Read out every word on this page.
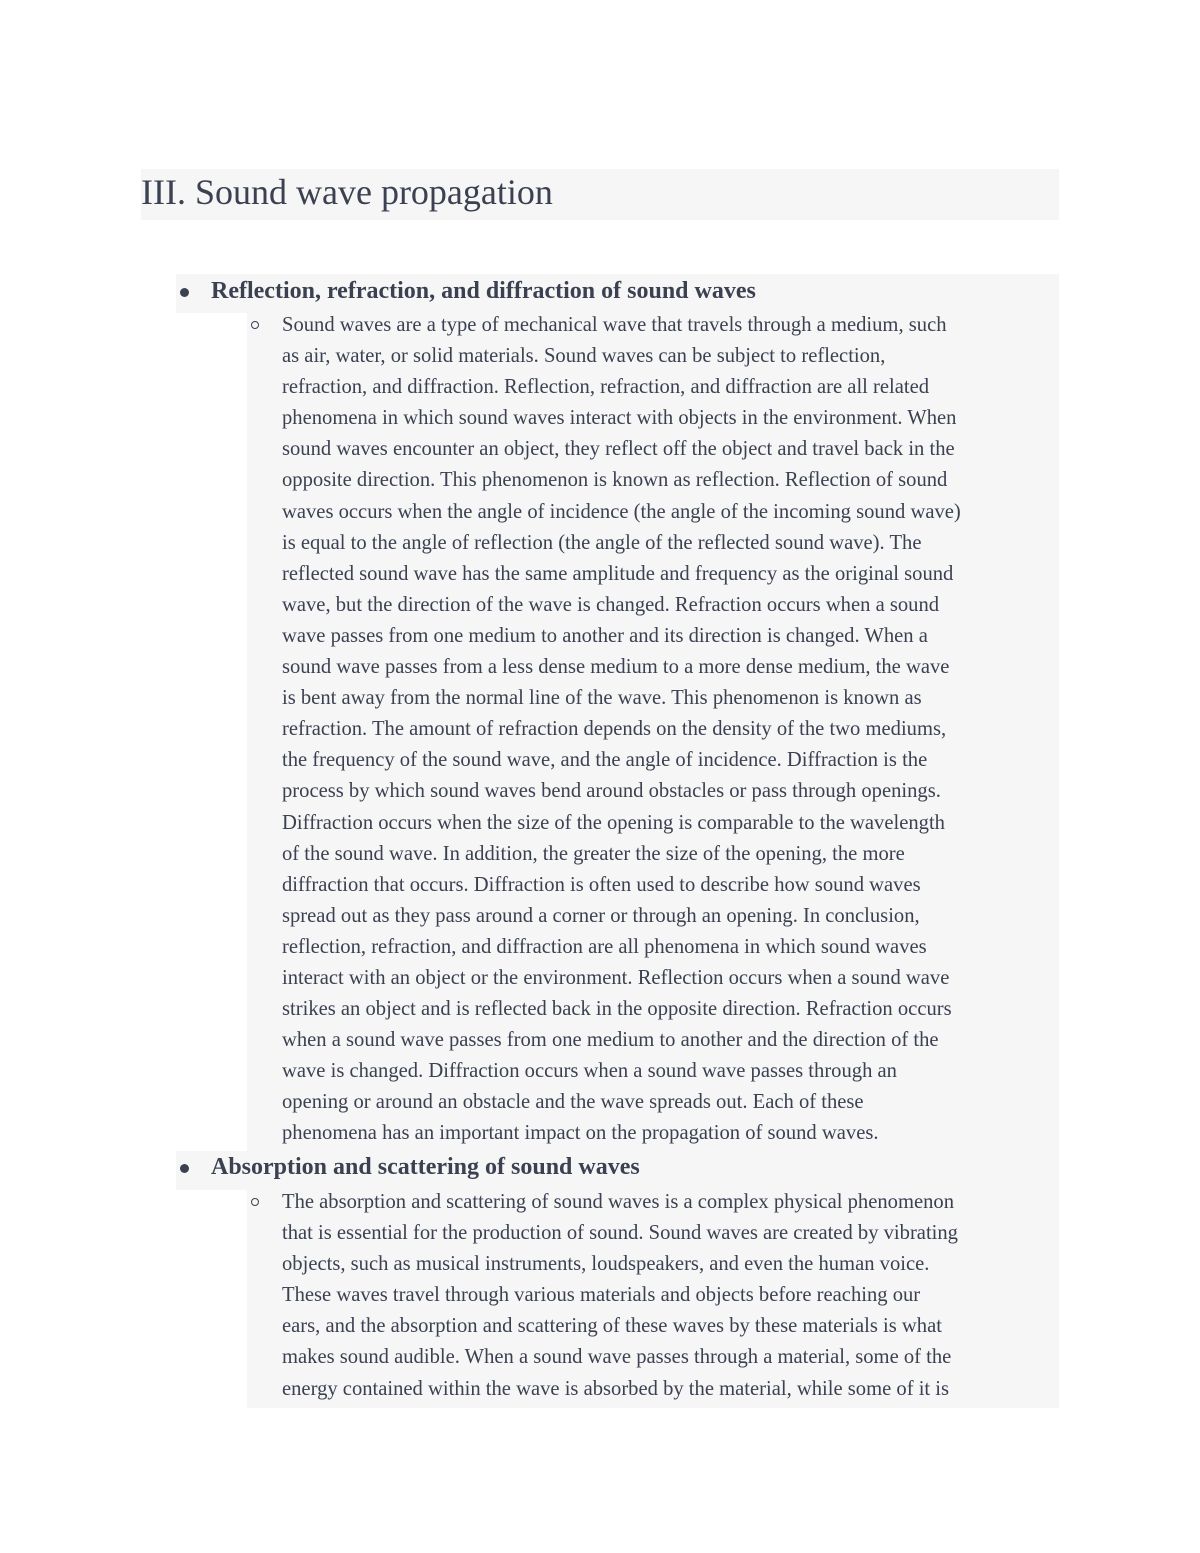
III. Sound wave propagation
Reflection, refraction, and diffraction of sound waves
Sound waves are a type of mechanical wave that travels through a medium, such
as air, water, or solid materials. Sound waves can be subject to reflection,
refraction, and diffraction. Reflection, refraction, and diffraction are all related
phenomena in which sound waves interact with objects in the environment. When
sound waves encounter an object, they reflect off the object and travel back in the
opposite direction. This phenomenon is known as reflection. Reflection of sound
waves occurs when the angle of incidence (the angle of the incoming sound wave)
is equal to the angle of reflection (the angle of the reflected sound wave). The
reflected sound wave has the same amplitude and frequency as the original sound
wave, but the direction of the wave is changed. Refraction occurs when a sound
wave passes from one medium to another and its direction is changed. When a
sound wave passes from a less dense medium to a more dense medium, the wave
is bent away from the normal line of the wave. This phenomenon is known as
refraction. The amount of refraction depends on the density of the two mediums,
the frequency of the sound wave, and the angle of incidence. Diffraction is the
process by which sound waves bend around obstacles or pass through openings.
Diffraction occurs when the size of the opening is comparable to the wavelength
of the sound wave. In addition, the greater the size of the opening, the more
diffraction that occurs. Diffraction is often used to describe how sound waves
spread out as they pass around a corner or through an opening. In conclusion,
reflection, refraction, and diffraction are all phenomena in which sound waves
interact with an object or the environment. Reflection occurs when a sound wave
strikes an object and is reflected back in the opposite direction. Refraction occurs
when a sound wave passes from one medium to another and the direction of the
wave is changed. Diffraction occurs when a sound wave passes through an
opening or around an obstacle and the wave spreads out. Each of these
phenomena has an important impact on the propagation of sound waves.
Absorption and scattering of sound waves
The absorption and scattering of sound waves is a complex physical phenomenon
that is essential for the production of sound. Sound waves are created by vibrating
objects, such as musical instruments, loudspeakers, and even the human voice.
These waves travel through various materials and objects before reaching our
ears, and the absorption and scattering of these waves by these materials is what
makes sound audible. When a sound wave passes through a material, some of the
energy contained within the wave is absorbed by the material, while some of it is
